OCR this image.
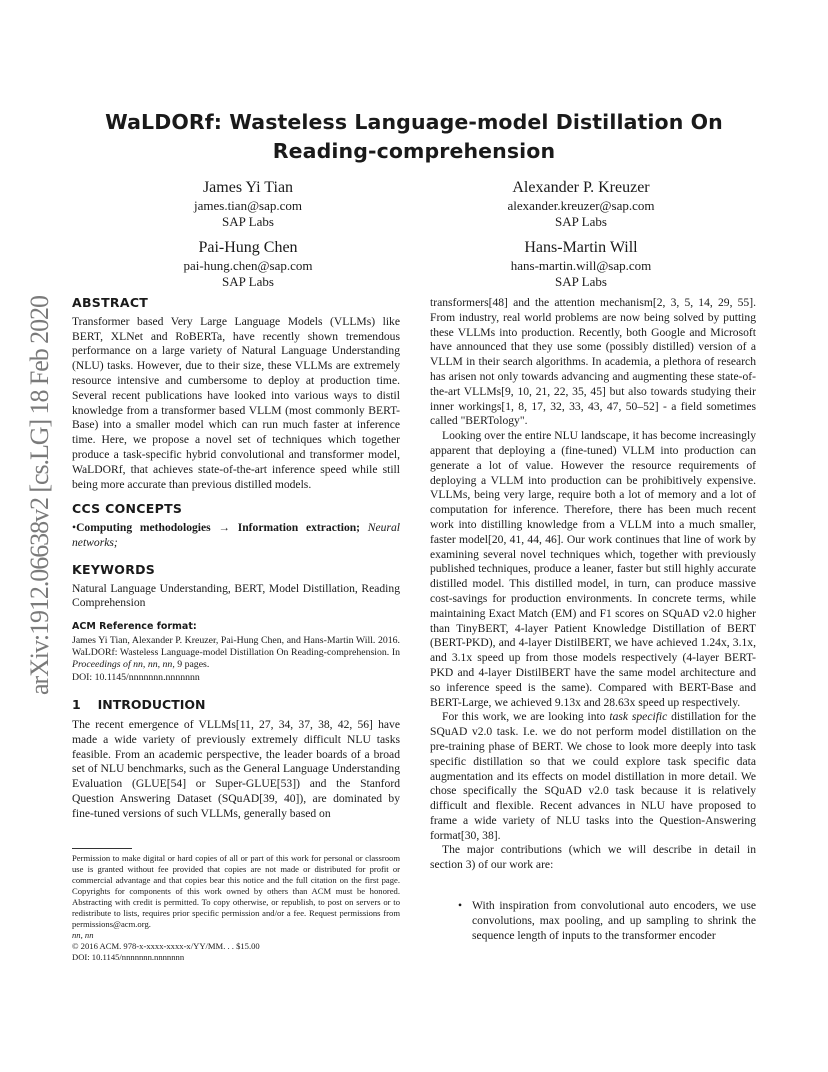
arXiv:1912.06638v2 [cs.LG] 18 Feb 2020
WaLDORf: Wasteless Language-model Distillation On
Reading-comprehension
James Yi Tian
james.tian@sap.com
SAP Labs
Alexander P. Kreuzer
alexander.kreuzer@sap.com
SAP Labs
Pai-Hung Chen
pai-hung.chen@sap.com
SAP Labs
Hans-Martin Will
hans-martin.will@sap.com
SAP Labs
ABSTRACT

Transformer based Very Large Language Models (VLLMs) like BERT, XLNet and RoBERTa, have recently shown tremendous performance on a large variety of Natural Language Understanding (NLU) tasks. However, due to their size, these VLLMs are extremely resource intensive and cumbersome to deploy at production time. Several recent publications have looked into various ways to distil knowledge from a transformer based VLLM (most commonly BERT-Base) into a smaller model which can run much faster at inference time. Here, we propose a novel set of techniques which together produce a task-specific hybrid convolutional and transformer model, WaLDORf, that achieves state-of-the-art inference speed while still being more accurate than previous distilled models.

CCS CONCEPTS

•Computing methodologies → Information extraction; Neural networks;

KEYWORDS

Natural Language Understanding, BERT, Model Distillation, Reading Comprehension

ACM Reference format:

James Yi Tian, Alexander P. Kreuzer, Pai-Hung Chen, and Hans-Martin Will. 2016. WaLDORf: Wasteless Language-model Distillation On Reading-comprehension. In Proceedings of nn, nn, nn, 9 pages.

DOI: 10.1145/nnnnnnn.nnnnnnn

1 INTRODUCTION

The recent emergence of VLLMs[11, 27, 34, 37, 38, 42, 56] have made a wide variety of previously extremely difficult NLU tasks feasible. From an academic perspective, the leader boards of a broad set of NLU benchmarks, such as the General Language Understanding Evaluation (GLUE[54] or Super-GLUE[53]) and the Stanford Question Answering Dataset (SQuAD[39, 40]), are dominated by fine-tuned versions of such VLLMs, generally based on

Permission to make digital or hard copies of all or part of this work for personal or classroom use is granted without fee provided that copies are not made or distributed for profit or commercial advantage and that copies bear this notice and the full citation on the first page. Copyrights for components of this work owned by others than ACM must be honored. Abstracting with credit is permitted. To copy otherwise, or republish, to post on servers or to redistribute to lists, requires prior specific permission and/or a fee. Request permissions from permissions@acm.org.

nn, nn

© 2016 ACM. 978-x-xxxx-xxxx-x/YY/MM. . . $15.00

DOI: 10.1145/nnnnnnn.nnnnnnn

transformers[48] and the attention mechanism[2, 3, 5, 14, 29, 55]. From industry, real world problems are now being solved by putting these VLLMs into production. Recently, both Google and Microsoft have announced that they use some (possibly distilled) version of a VLLM in their search algorithms. In academia, a plethora of research has arisen not only towards advancing and augmenting these state-of-the-art VLLMs[9, 10, 21, 22, 35, 45] but also towards studying their inner workings[1, 8, 17, 32, 33, 43, 47, 50–52] - a field sometimes called "BERTology".

Looking over the entire NLU landscape, it has become increasingly apparent that deploying a (fine-tuned) VLLM into production can generate a lot of value. However the resource requirements of deploying a VLLM into production can be prohibitively expensive. VLLMs, being very large, require both a lot of memory and a lot of computation for inference. Therefore, there has been much recent work into distilling knowledge from a VLLM into a much smaller, faster model[20, 41, 44, 46]. Our work continues that line of work by examining several novel techniques which, together with previously published techniques, produce a leaner, faster but still highly accurate distilled model. This distilled model, in turn, can produce massive cost-savings for production environments. In concrete terms, while maintaining Exact Match (EM) and F1 scores on SQuAD v2.0 higher than TinyBERT, 4-layer Patient Knowledge Distillation of BERT (BERT-PKD), and 4-layer DistilBERT, we have achieved 1.24x, 3.1x, and 3.1x speed up from those models respectively (4-layer BERT-PKD and 4-layer DistilBERT have the same model architecture and so inference speed is the same). Compared with BERT-Base and BERT-Large, we achieved 9.13x and 28.63x speed up respectively.

For this work, we are looking into task specific distillation for the SQuAD v2.0 task. I.e. we do not perform model distillation on the pre-training phase of BERT. We chose to look more deeply into task specific distillation so that we could explore task specific data augmentation and its effects on model distillation in more detail. We chose specifically the SQuAD v2.0 task because it is relatively difficult and flexible. Recent advances in NLU have proposed to frame a wide variety of NLU tasks into the Question-Answering format[30, 38].

The major contributions (which we will describe in detail in section 3) of our work are:

• With inspiration from convolutional auto encoders, we use convolutions, max pooling, and up sampling to shrink the sequence length of inputs to the transformer encoder
